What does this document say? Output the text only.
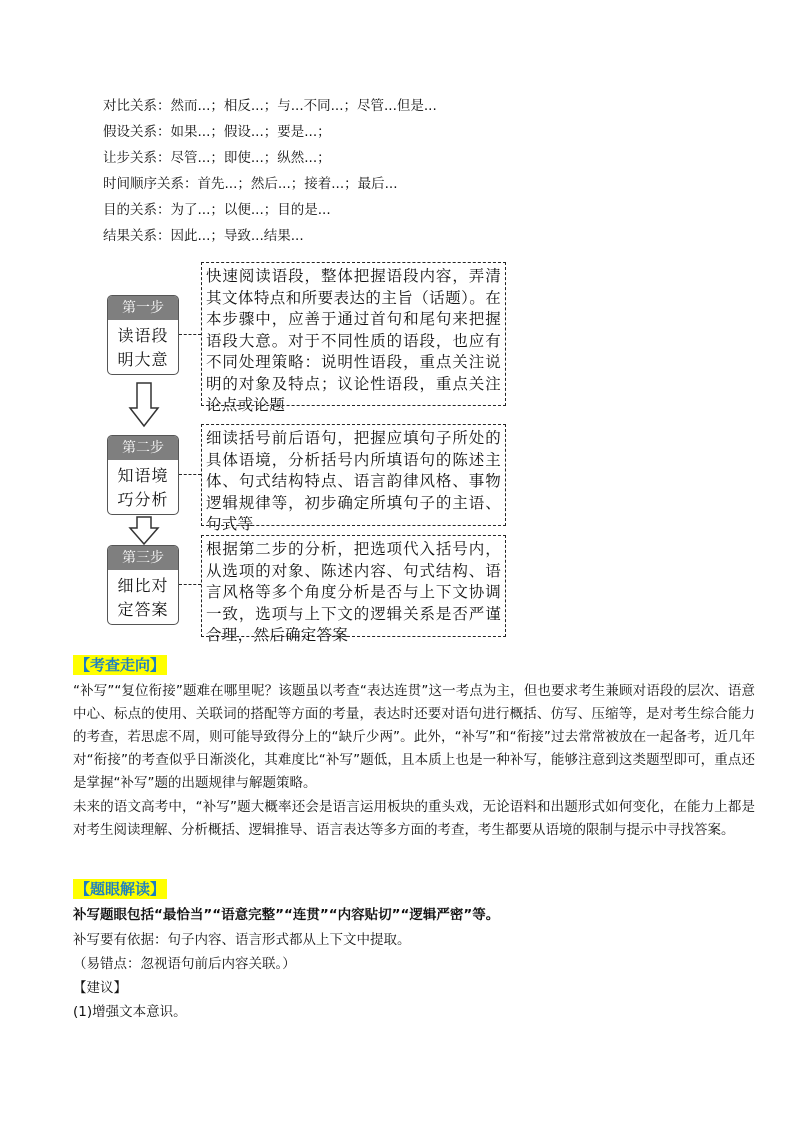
对比关系：然而...；相反...；与...不同...；尽管...但是...
假设关系：如果...；假设...；要是...；
让步关系：尽管...；即使...；纵然...；
时间顺序关系：首先...；然后...；接着...；最后...
目的关系：为了...；以便...；目的是...
结果关系：因此...；导致...结果...
第一步
读语段明大意
快速阅读语段，整体把握语段内容，弄清其文体特点和所要表达的主旨（话题）。在本步骤中，应善于通过首句和尾句来把握语段大意。对于不同性质的语段，也应有不同处理策略：说明性语段，重点关注说明的对象及特点；议论性语段，重点关注论点或论题
第二步
知语境巧分析
细读括号前后语句，把握应填句子所处的具体语境，分析括号内所填语句的陈述主体、句式结构特点、语言韵律风格、事物逻辑规律等，初步确定所填句子的主语、句式等
第三步
细比对定答案
根据第二步的分析，把选项代入括号内，从选项的对象、陈述内容、句式结构、语言风格等多个角度分析是否与上下文协调一致，选项与上下文的逻辑关系是否严谨合理，然后确定答案
【考查走向】
“补写”“复位衔接”题难在哪里呢？该题虽以考查“表达连贯”这一考点为主，但也要求考生兼顾对语段的层次、语意中心、标点的使用、关联词的搭配等方面的考量，表达时还要对语句进行概括、仿写、压缩等，是对考生综合能力的考查，若思虑不周，则可能导致得分上的“缺斤少两”。此外，“补写”和“衔接”过去常常被放在一起备考，近几年对“衔接”的考查似乎日渐淡化，其难度比“补写”题低，且本质上也是一种补写，能够注意到这类题型即可，重点还是掌握“补写”题的出题规律与解题策略。
未来的语文高考中，“补写”题大概率还会是语言运用板块的重头戏，无论语料和出题形式如何变化，在能力上都是对考生阅读理解、分析概括、逻辑推导、语言表达等多方面的考查，考生都要从语境的限制与提示中寻找答案。
【题眼解读】
补写题眼包括“最恰当”“语意完整”“连贯”“内容贴切”“逻辑严密”等。
补写要有依据：句子内容、语言形式都从上下文中提取。
（易错点：忽视语句前后内容关联。）
【建议】
(1)增强文本意识。
